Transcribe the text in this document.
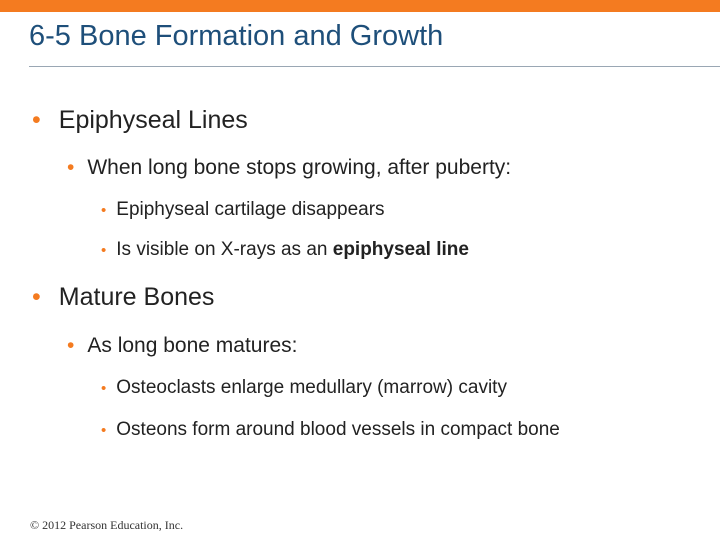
6-5 Bone Formation and Growth
• Epiphyseal Lines
• When long bone stops growing, after puberty:
• Epiphyseal cartilage disappears
• Is visible on X-rays as an epiphyseal line
• Mature Bones
• As long bone matures:
• Osteoclasts enlarge medullary (marrow) cavity
• Osteons form around blood vessels in compact bone
© 2012 Pearson Education, Inc.
